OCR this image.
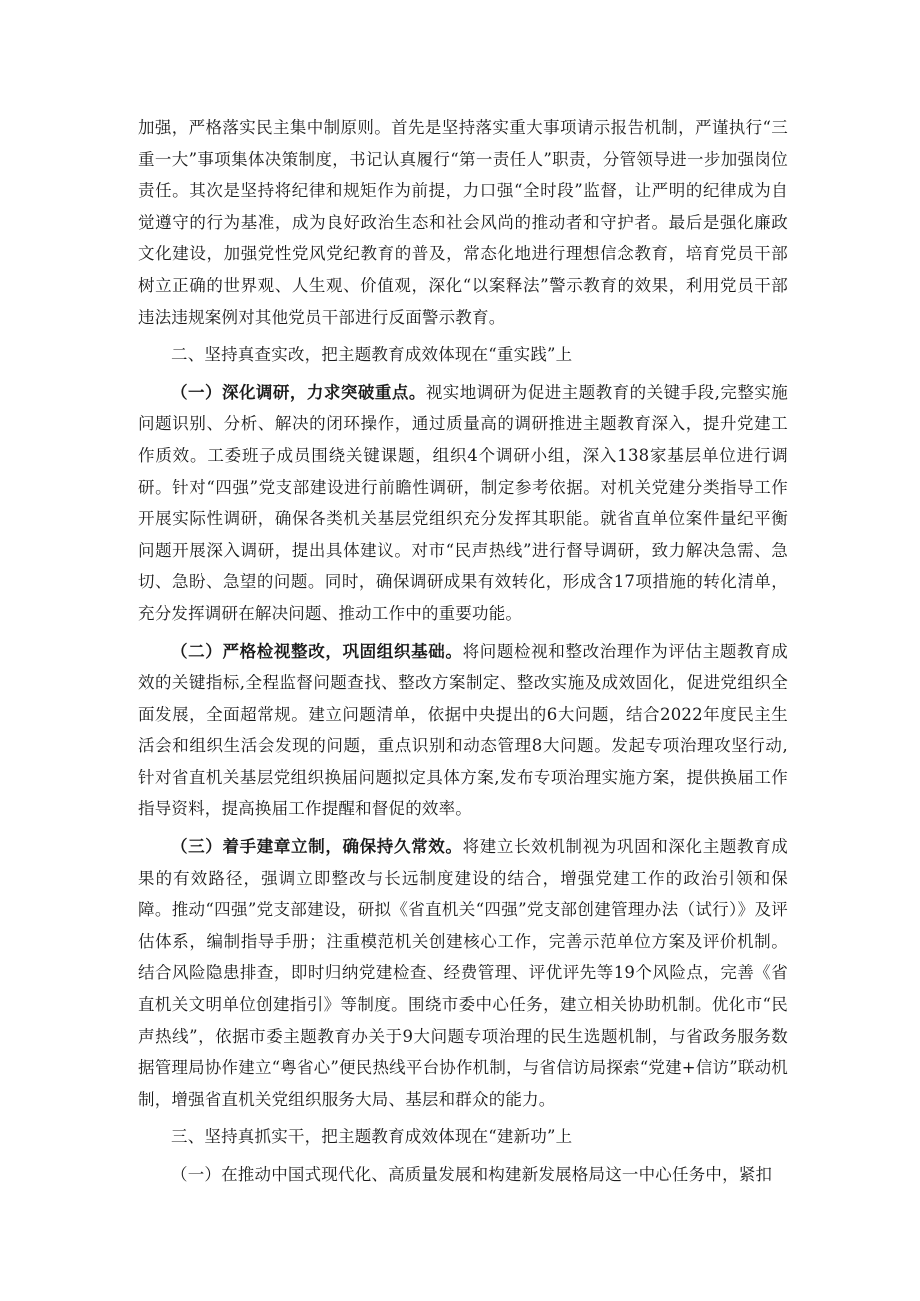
加强，严格落实民主集中制原则。首先是坚持落实重大事项请示报告机制，严谨执行“三重一大”事项集体决策制度，书记认真履行“第一责任人”职责，分管领导进一步加强岗位责任。其次是坚持将纪律和规矩作为前提，力口强“全时段”监督，让严明的纪律成为自觉遵守的行为基准，成为良好政治生态和社会风尚的推动者和守护者。最后是强化廉政文化建设，加强党性党风党纪教育的普及，常态化地进行理想信念教育，培育党员干部树立正确的世界观、人生观、价值观，深化“以案释法”警示教育的效果，利用党员干部违法违规案例对其他党员干部进行反面警示教育。

二、坚持真查实改，把主题教育成效体现在“重实践”上

（一）深化调研，力求突破重点。视实地调研为促进主题教育的关键手段,完整实施问题识别、分析、解决的闭环操作，通过质量高的调研推进主题教育深入，提升党建工作质效。工委班子成员围绕关键课题，组织4个调研小组，深入138家基层单位进行调研。针对“四强”党支部建设进行前瞻性调研，制定参考依据。对机关党建分类指导工作开展实际性调研，确保各类机关基层党组织充分发挥其职能。就省直单位案件量纪平衡问题开展深入调研，提出具体建议。对市“民声热线”进行督导调研，致力解决急需、急切、急盼、急望的问题。同时，确保调研成果有效转化，形成含17项措施的转化清单，充分发挥调研在解决问题、推动工作中的重要功能。

（二）严格检视整改，巩固组织基础。将问题检视和整改治理作为评估主题教育成效的关键指标,全程监督问题查找、整改方案制定、整改实施及成效固化，促进党组织全面发展，全面超常规。建立问题清单，依据中央提出的6大问题，结合2022年度民主生活会和组织生活会发现的问题，重点识别和动态管理8大问题。发起专项治理攻坚行动,针对省直机关基层党组织换届问题拟定具体方案,发布专项治理实施方案，提供换届工作指导资料，提高换届工作提醒和督促的效率。

（三）着手建章立制，确保持久常效。将建立长效机制视为巩固和深化主题教育成果的有效路径，强调立即整改与长远制度建设的结合，增强党建工作的政治引领和保障。推动“四强”党支部建设，研拟《省直机关“四强”党支部创建管理办法（试行）》及评估体系，编制指导手册；注重模范机关创建核心工作，完善示范单位方案及评价机制。结合风险隐患排查，即时归纳党建检查、经费管理、评优评先等19个风险点，完善《省直机关文明单位创建指引》等制度。围绕市委中心任务，建立相关协助机制。优化市“民声热线”，依据市委主题教育办关于9大问题专项治理的民生选题机制，与省政务服务数据管理局协作建立“粤省心”便民热线平台协作机制，与省信访局探索“党建+信访”联动机制，增强省直机关党组织服务大局、基层和群众的能力。

三、坚持真抓实干，把主题教育成效体现在“建新功”上

（一）在推动中国式现代化、高质量发展和构建新发展格局这一中心任务中，紧扣
